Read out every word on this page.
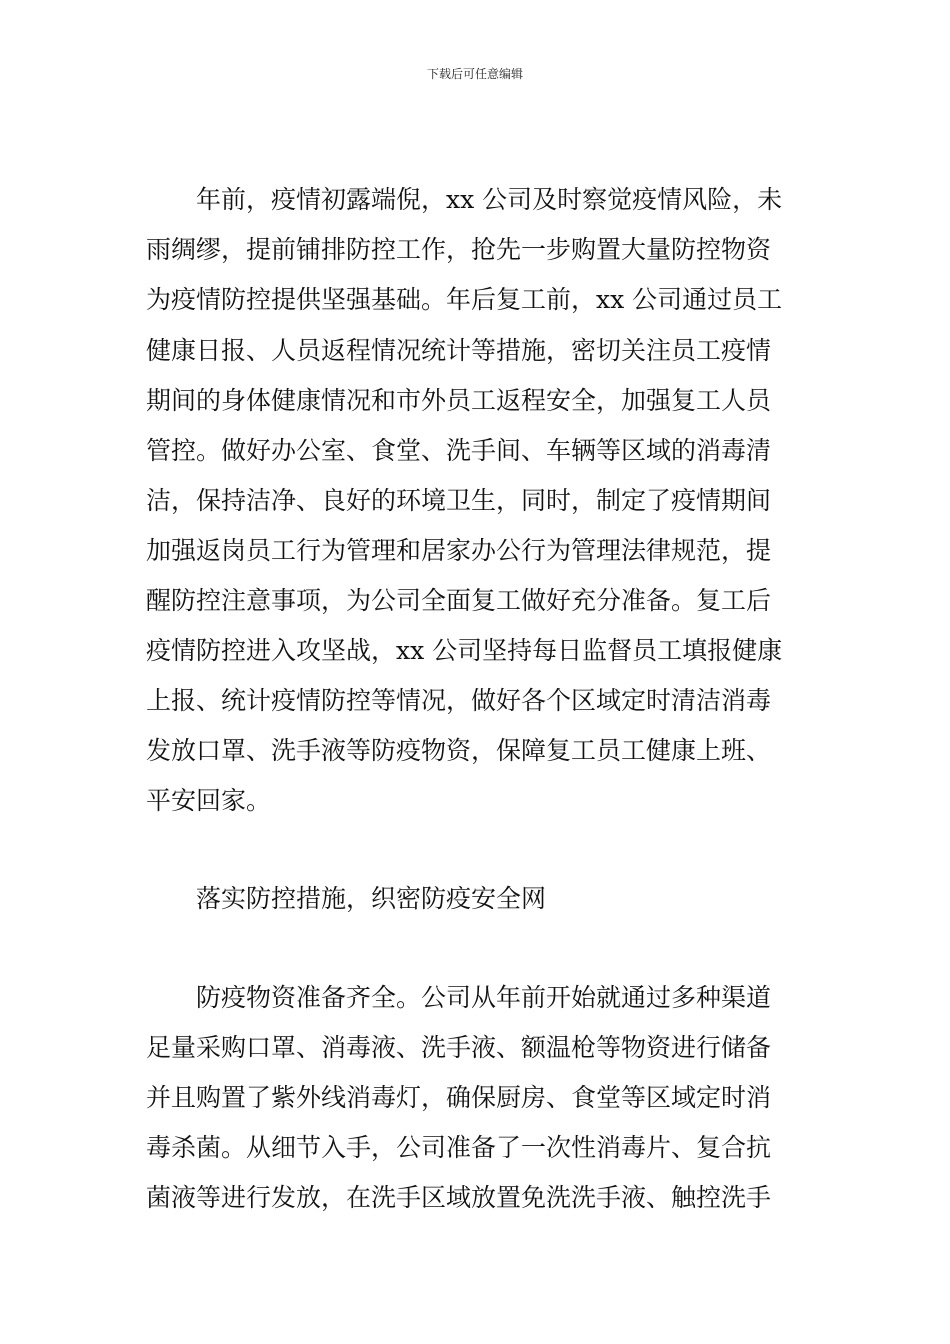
下载后可任意编辑
年前，疫情初露端倪，xx 公司及时察觉疫情风险，未
雨绸缪，提前铺排防控工作，抢先一步购置大量防控物资
为疫情防控提供坚强基础。年后复工前，xx 公司通过员工
健康日报、人员返程情况统计等措施，密切关注员工疫情
期间的身体健康情况和市外员工返程安全，加强复工人员
管控。做好办公室、食堂、洗手间、车辆等区域的消毒清
洁，保持洁净、良好的环境卫生，同时，制定了疫情期间
加强返岗员工行为管理和居家办公行为管理法律规范，提
醒防控注意事项，为公司全面复工做好充分准备。复工后
疫情防控进入攻坚战，xx 公司坚持每日监督员工填报健康
上报、统计疫情防控等情况，做好各个区域定时清洁消毒
发放口罩、洗手液等防疫物资，保障复工员工健康上班、
平安回家。
落实防控措施，织密防疫安全网
防疫物资准备齐全。公司从年前开始就通过多种渠道
足量采购口罩、消毒液、洗手液、额温枪等物资进行储备
并且购置了紫外线消毒灯，确保厨房、食堂等区域定时消
毒杀菌。从细节入手，公司准备了一次性消毒片、复合抗
菌液等进行发放，在洗手区域放置免洗洗手液、触控洗手
